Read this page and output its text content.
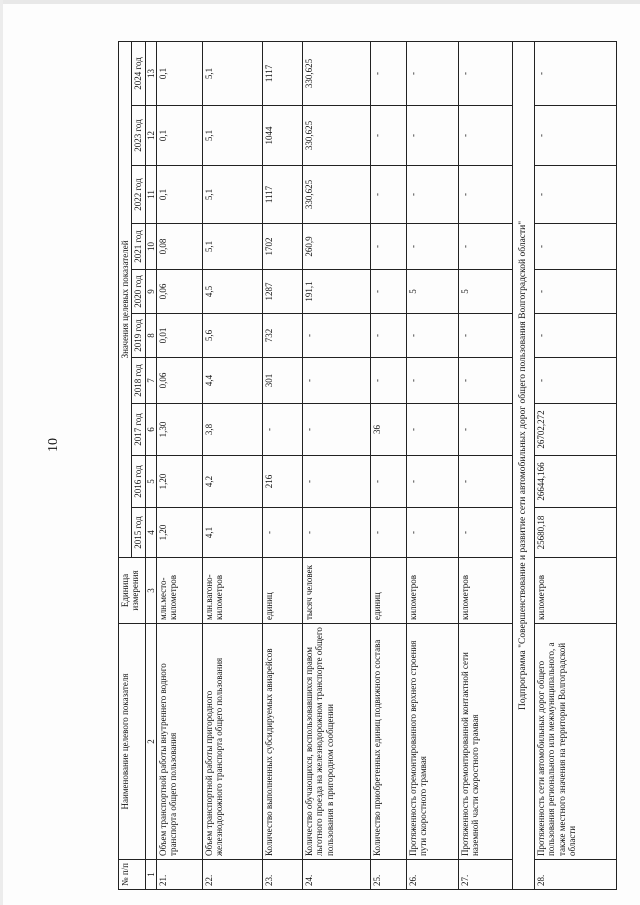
10
№ п/п	Наименование целевого показателя	Единица измерения	Значения целевых показателей									
			2015 год	2016 год	2017 год	2018 год	2019 год	2020 год	2021 год	2022 год	2023 год	2024 год
1	2	3	4	5	6	7	8	9	10	11	12	13
21.	Объем транспортной работы внутреннего водного транспорта общего пользования	млн.место-километров	1,20	1,20	1,30	0,06	0,01	0,06	0,08	0,1	0,1	0,1
22.	Объем транспортной работы пригородного железнодорожного транспорта общего пользования	млн.вагоно-километров	4,1	4,2	3,8	4,4	5,6	4,5	5,1	5,1	5,1	5,1
23.	Количество выполненных субсидируемых авиарейсов	единиц	-	216	-	301	732	1287	1702	1117	1044	1117
24.	Количество обучающихся, воспользовавшихся правом льготного проезда на железнодорожном транспорте общего пользования в пригородном сообщении	тысяч человек	-	-	-	-	-	191,1	260,9	330,625	330,625	330,625
25.	Количество приобретенных единиц подвижного состава	единиц	-	-	36	-	-	-	-	-	-	-
26.	Протяженность отремонтированного верхнего строения пути скоростного трамвая	километров	-	-	-	-	-	5	-	-	-	-
27.	Протяженность отремонтированной контактной сети наземной части скоростного трамвая	километров	-	-	-	-	-	5	-	-	-	-
Подпрограмма "Совершенствование и развитие сети автомобильных дорог общего пользования Волгоградской области"												
28.	Протяженность сети автомобильных дорог общего пользования регионального или межмуниципального, а также местного значения на территории Волгоградской области	километров	25680,18	26644,166	26702,272	-	-	-	-	-	-	-
